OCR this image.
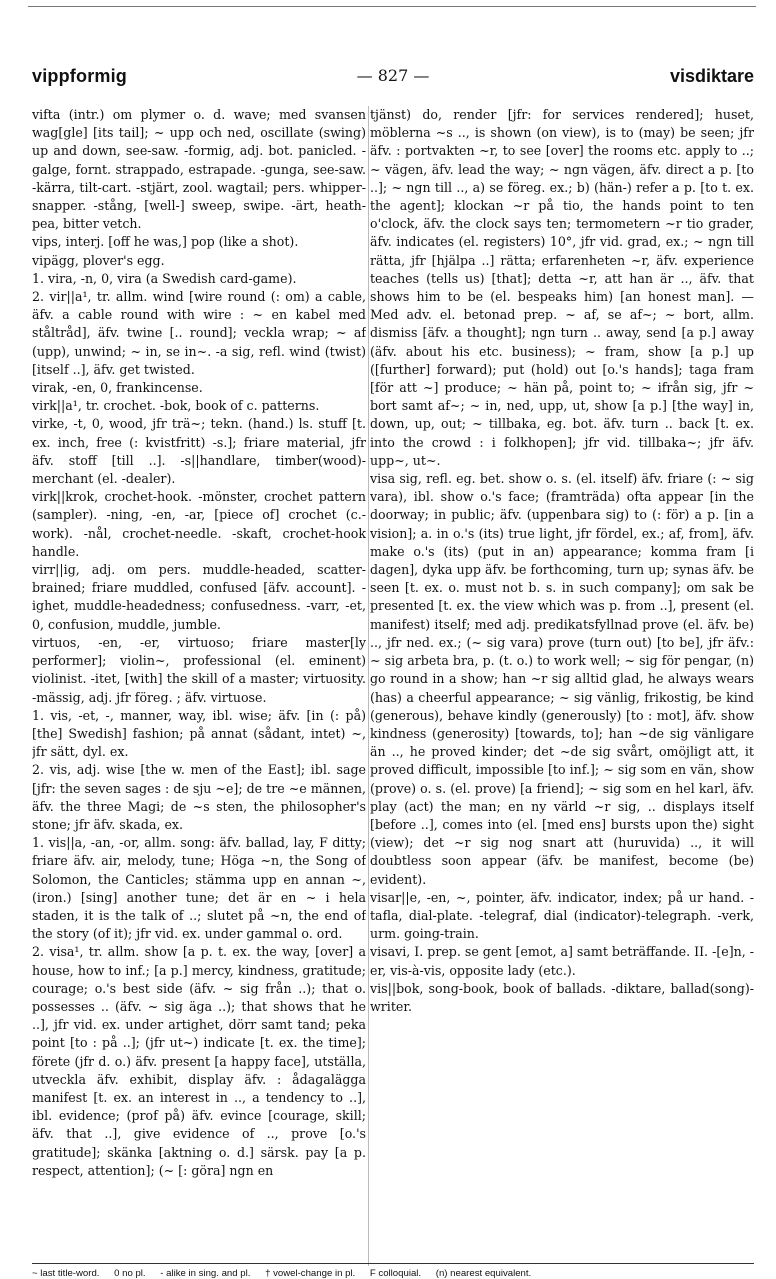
vippformig	— 827 —	visdiktare

vifta (intr.) om plymer o. d. wave; med svansen wag[gle] [its tail]; ~ upp och ned, oscillate (swing) up and down, see-saw. -formig, adj. bot. panicled. -galge, fornt. strappado, estrapade. -gunga, see-saw. -kärra, tilt-cart. -stjärt, zool. wagtail; pers. whipper-snapper. -stång, [well-] sweep, swipe. -ärt, heath-pea, bitter vetch.

vips, interj. [off he was,] pop (like a shot).

vipägg, plover's egg.

1. vira, -n, 0, vira (a Swedish card-game).

2. vir||a¹, tr. allm. wind [wire round (: om) a cable, äfv. a cable round with wire : ~ en kabel med ståltråd], äfv. twine [.. round]; veckla wrap; ~ af (upp), unwind; ~ in, se in~. -a sig, refl. wind (twist)[itself ..], äfv. get twisted.

virak, -en, 0, frankincense.

virk||a¹, tr. crochet. -bok, book of c. patterns.

virke, -t, 0, wood, jfr trä~; tekn. (hand.) ls. stuff [t. ex. inch, free (: kvistfritt) -s.]; friare material, jfr äfv. stoff [till ..]. -s||handlare, timber(wood)-merchant (el. -dealer).

virk||krok, crochet-hook. -mönster, crochet pattern (sampler). -ning, -en, -ar, [piece of] crochet (c.-work). -nål, crochet-needle. -skaft, crochet-hook handle.

virr||ig, adj. om pers. muddle-headed, scatter-brained; friare muddled, confused [äfv. account]. -ighet, muddle-headedness; confusedness. -varr, -et, 0, confusion, muddle, jumble.

virtuos, -en, -er, virtuoso; friare master[ly performer]; violin~, professional (el. eminent) violinist. -itet, [with] the skill of a master; virtuosity. -mässig, adj. jfr föreg. ; äfv. virtuose.

1. vis, -et, -, manner, way, ibl. wise; äfv. [in (: på) [the] Swedish] fashion; på annat (sådant, intet) ~, jfr sätt, dyl. ex.

2. vis, adj. wise [the w. men of the East]; ibl. sage [jfr: the seven sages : de sju ~e]; de tre ~e männen, äfv. the three Magi; de ~s sten, the philosopher's stone; jfr äfv. skada, ex.

1. vis||a, -an, -or, allm. song: äfv. ballad, lay, F ditty; friare äfv. air, melody, tune; Höga ~n, the Song of Solomon, the Canticles; stämma upp en annan ~, (iron.) [sing] another tune; det är en ~ i hela staden, it is the talk of ..; slutet på ~n, the end of the story (of it); jfr vid. ex. under gammal o. ord.

2. visa¹, tr. allm. show [a p. t. ex. the way, [over] a house, how to inf.; [a p.] mercy, kindness, gratitude; courage; o.'s best side (äfv. ~ sig från ..); that o. possesses .. (äfv. ~ sig äga ..); that shows that he ..], jfr vid. ex. under artighet, dörr samt tand; peka point [to : på ..]; (jfr ut~) indicate [t. ex. the time]; förete (jfr d. o.) äfv. present [a happy face], utställa, utveckla äfv. exhibit, display äfv. : ådagalägga manifest [t. ex. an interest in .., a tendency to ..], ibl. evidence; (prof på) äfv. evince [courage, skill; äfv. that ..], give evidence of .., prove [o.'s gratitude]; skänka [aktning o. d.] särsk. pay [a p. respect, attention]; (~ [: göra] ngn en

tjänst) do, render [jfr: for services rendered]; huset, möblerna ~s .., is shown (on view), is to (may) be seen; jfr äfv. : portvakten ~r, to see [over] the rooms etc. apply to ..; ~ vägen, äfv. lead the way; ~ ngn vägen, äfv. direct a p. [to ..]; ~ ngn till .., a) se föreg. ex.; b) (hän-) refer a p. [to t. ex. the agent]; klockan ~r på tio, the hands point to ten o'clock, äfv. the clock says ten; termometern ~r tio grader, äfv. indicates (el. registers) 10°, jfr vid. grad, ex.; ~ ngn till rätta, jfr [hjälpa ..] rätta; erfarenheten ~r, äfv. experience teaches (tells us) [that]; detta ~r, att han är .., äfv. that shows him to be (el. bespeaks him) [an honest man]. — Med adv. el. betonad prep. ~ af, se af~; ~ bort, allm. dismiss [äfv. a thought]; ngn turn .. away, send [a p.] away (äfv. about his etc. business); ~ fram, show [a p.] up ([further] forward); put (hold) out [o.'s hands]; taga fram [för att ~] produce; ~ hän på, point to; ~ ifrån sig, jfr ~ bort samt af~; ~ in, ned, upp, ut, show [a p.] [the way] in, down, up, out; ~ tillbaka, eg. bot. äfv. turn .. back [t. ex. into the crowd : i folkhopen]; jfr vid. tillbaka~; jfr äfv. upp~, ut~.

visa sig, refl. eg. bet. show o. s. (el. itself) äfv. friare (: ~ sig vara), ibl. show o.'s face; (framträda) ofta appear [in the doorway; in public; äfv. (uppenbara sig) to (: för) a p. [in a vision]; a. in o.'s (its) true light, jfr fördel, ex.; af, from], äfv. make o.'s (its) (put in an) appearance; komma fram [i dagen], dyka upp äfv. be forthcoming, turn up; synas äfv. be seen [t. ex. o. must not b. s. in such company]; om sak be presented [t. ex. the view which was p. from ..], present (el. manifest) itself; med adj. predikatsfyllnad prove (el. äfv. be) .., jfr ned. ex.; (~ sig vara) prove (turn out) [to be], jfr äfv.: ~ sig arbeta bra, p. (t. o.) to work well; ~ sig för pengar, (n) go round in a show; han ~r sig alltid glad, he always wears (has) a cheerful appearance; ~ sig vänlig, frikostig, be kind (generous), behave kindly (generously) [to : mot], äfv. show kindness (generosity) [towards, to]; han ~de sig vänligare än .., he proved kinder; det ~de sig svårt, omöjligt att, it proved difficult, impossible [to inf.]; ~ sig som en vän, show (prove) o. s. (el. prove) [a friend]; ~ sig som en hel karl, äfv. play (act) the man; en ny värld ~r sig, .. displays itself [before ..], comes into (el. [med ens] bursts upon the) sight (view); det ~r sig nog snart att (huruvida) .., it will doubtless soon appear (äfv. be manifest, become (be) evident).

visar||e, -en, ~, pointer, äfv. indicator, index; på ur hand. -tafla, dial-plate. -telegraf, dial (indicator)-telegraph. -verk, urm. going-train.

visavi, I. prep. se gent [emot, a] samt beträffande. II. -[e]n, -er, vis-à-vis, opposite lady (etc.).

vis||bok, song-book, book of ballads. -diktare, ballad(song)-writer.

~ last title-word. 0 no pl. - alike in sing. and pl. † vowel-change in pl. F colloquial. (n) nearest equivalent.
